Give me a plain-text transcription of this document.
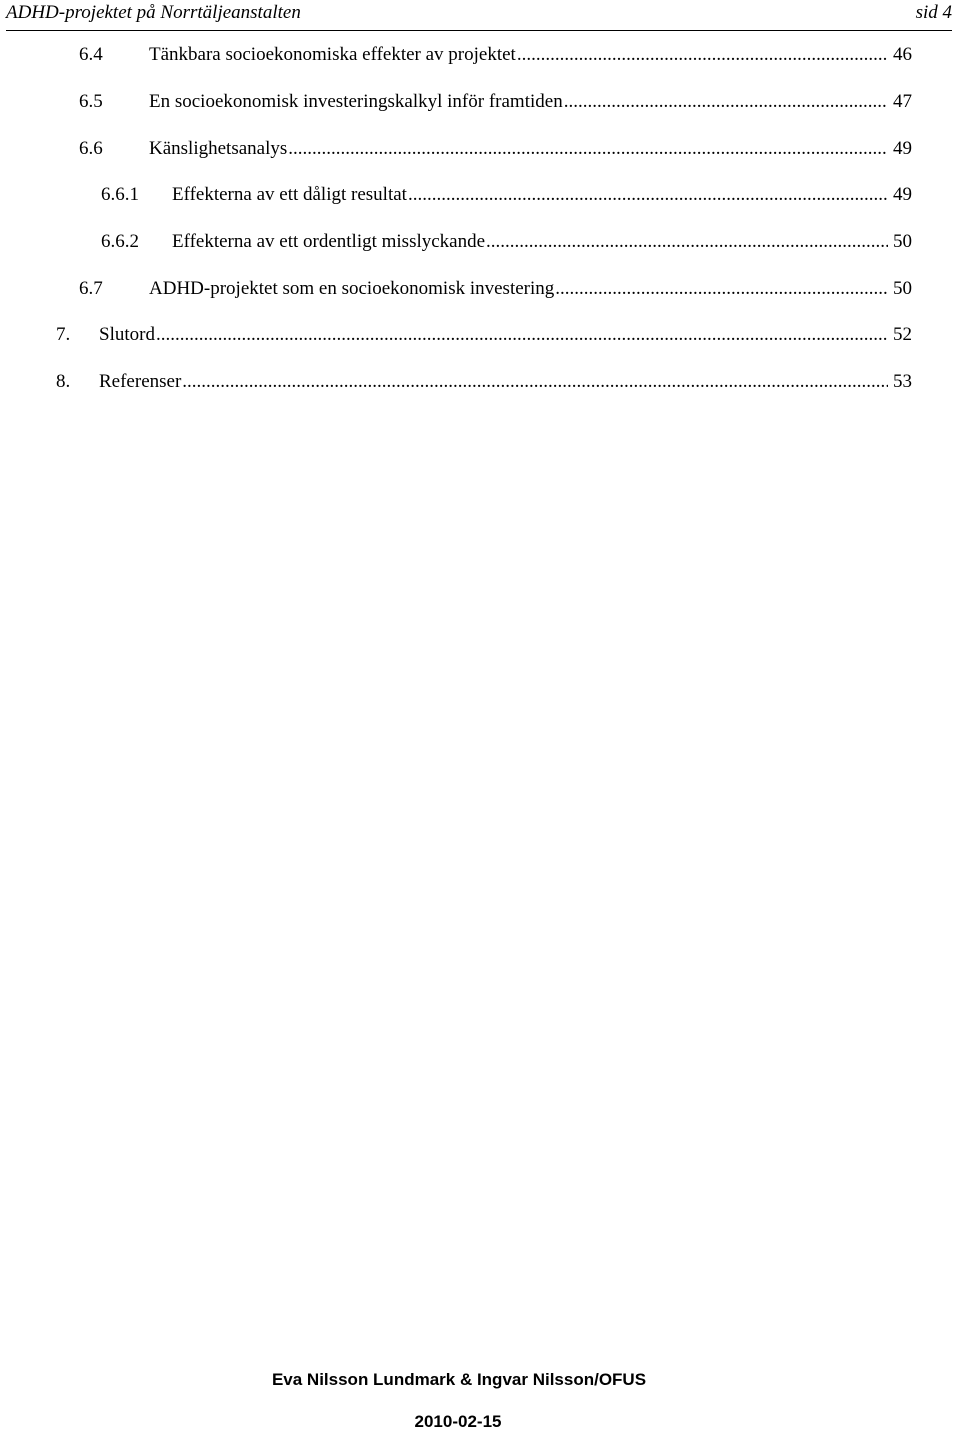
ADHD-projektet på Norrtäljeanstalten	sid 4
6.4	Tänkbara socioekonomiska effekter av projektet .....	46
6.5	En socioekonomisk investeringskalkyl inför framtiden .....	47
6.6	Känslighetsanalys .....	49
6.6.1	Effekterna av ett dåligt resultat .....	49
6.6.2	Effekterna av ett ordentligt misslyckande .....	50
6.7	ADHD-projektet som en socioekonomisk investering .....	50
7.	Slutord .....	52
8.	Referenser .....	53
Eva Nilsson Lundmark & Ingvar Nilsson/OFUS
2010-02-15
